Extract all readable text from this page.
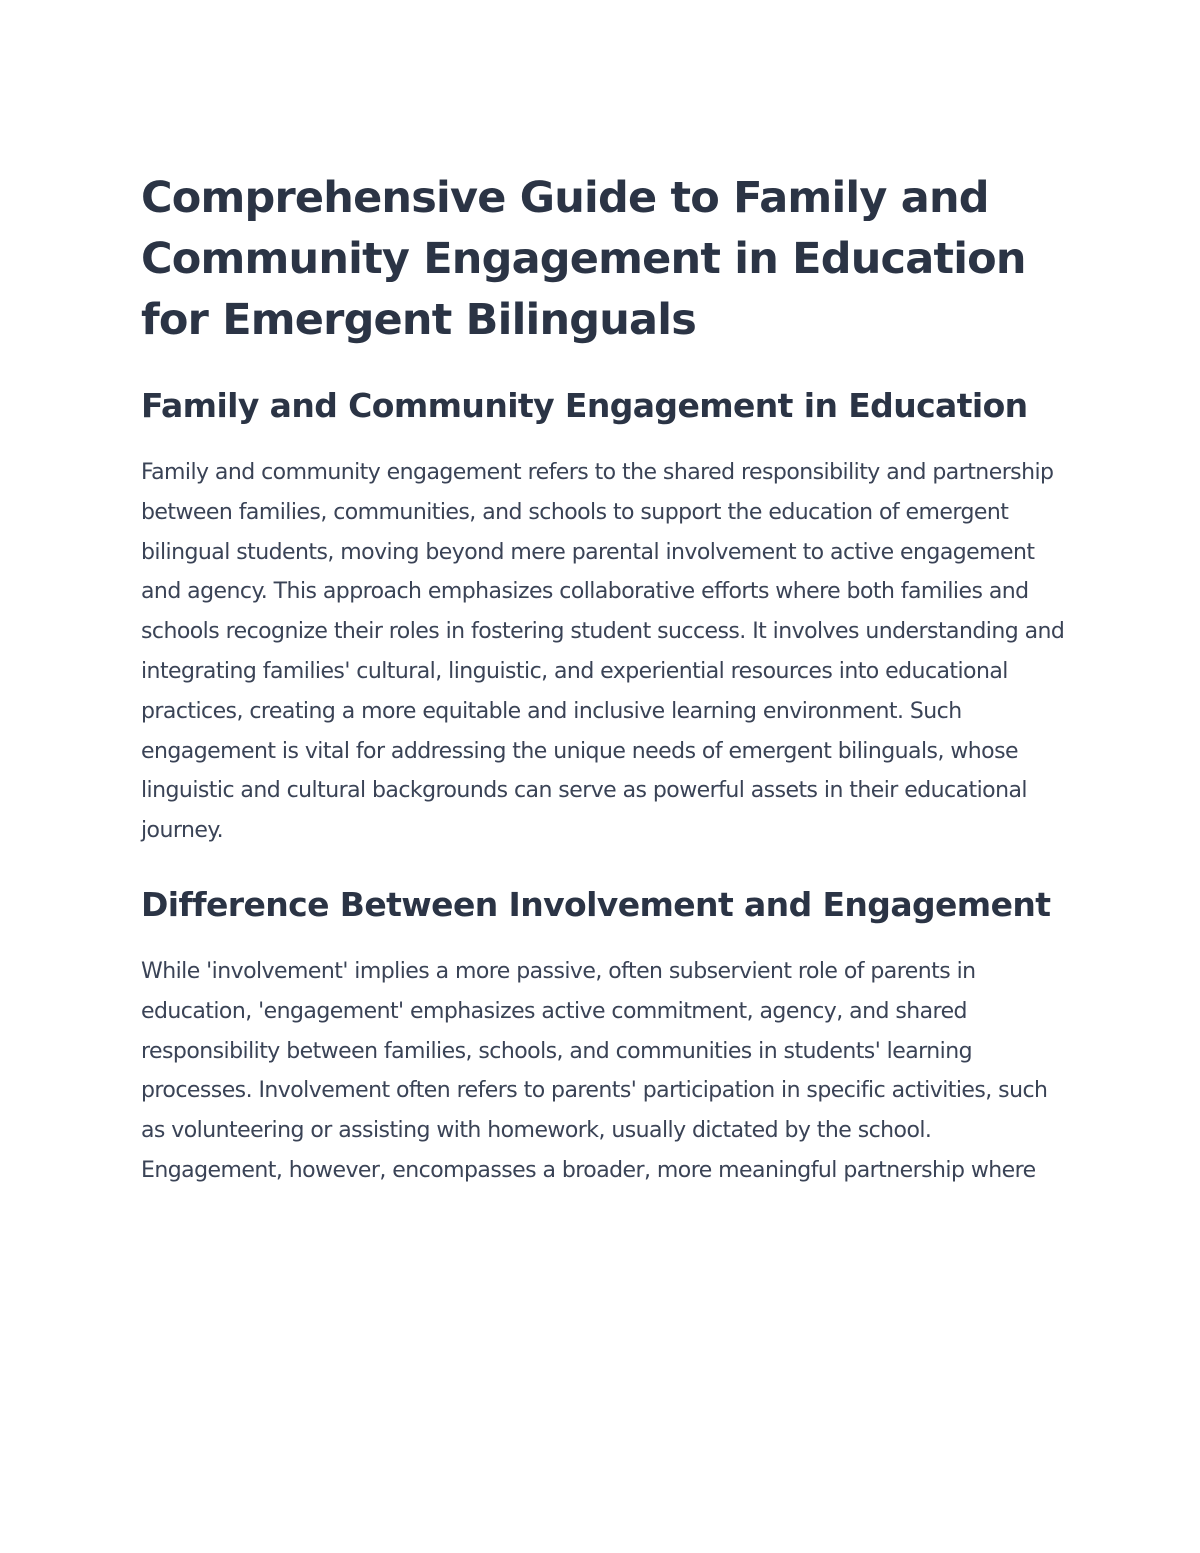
Comprehensive Guide to Family and Community Engagement in Education for Emergent Bilinguals
Family and Community Engagement in Education

Family and community engagement refers to the shared responsibility and partnership between families, communities, and schools to support the education of emergent bilingual students, moving beyond mere parental involvement to active engagement and agency. This approach emphasizes collaborative efforts where both families and schools recognize their roles in fostering student success. It involves understanding and integrating families' cultural, linguistic, and experiential resources into educational practices, creating a more equitable and inclusive learning environment. Such engagement is vital for addressing the unique needs of emergent bilinguals, whose linguistic and cultural backgrounds can serve as powerful assets in their educational journey.

Difference Between Involvement and Engagement

While 'involvement' implies a more passive, often subservient role of parents in education, 'engagement' emphasizes active commitment, agency, and shared responsibility between families, schools, and communities in students' learning processes. Involvement often refers to parents' participation in specific activities, such as volunteering or assisting with homework, usually dictated by the school. Engagement, however, encompasses a broader, more meaningful partnership where
